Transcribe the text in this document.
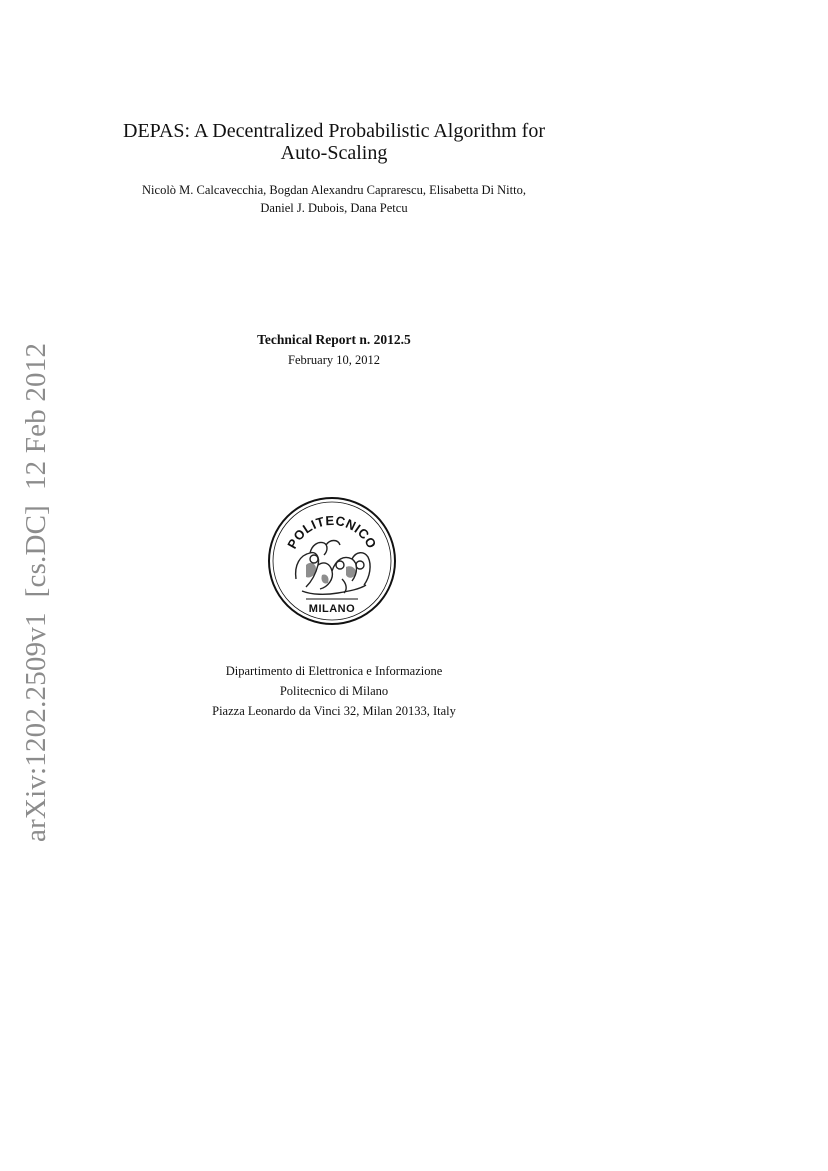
DEPAS: A Decentralized Probabilistic Algorithm for
Auto-Scaling
Nicolò M. Calcavecchia, Bogdan Alexandru Caprarescu, Elisabetta Di Nitto,
Daniel J. Dubois, Dana Petcu
Technical Report n. 2012.5
February 10, 2012
POLITECNICO
MILANO
Dipartimento di Elettronica e Informazione
Politecnico di Milano
Piazza Leonardo da Vinci 32, Milan 20133, Italy
arXiv:1202.2509v1  [cs.DC]  12 Feb 2012
